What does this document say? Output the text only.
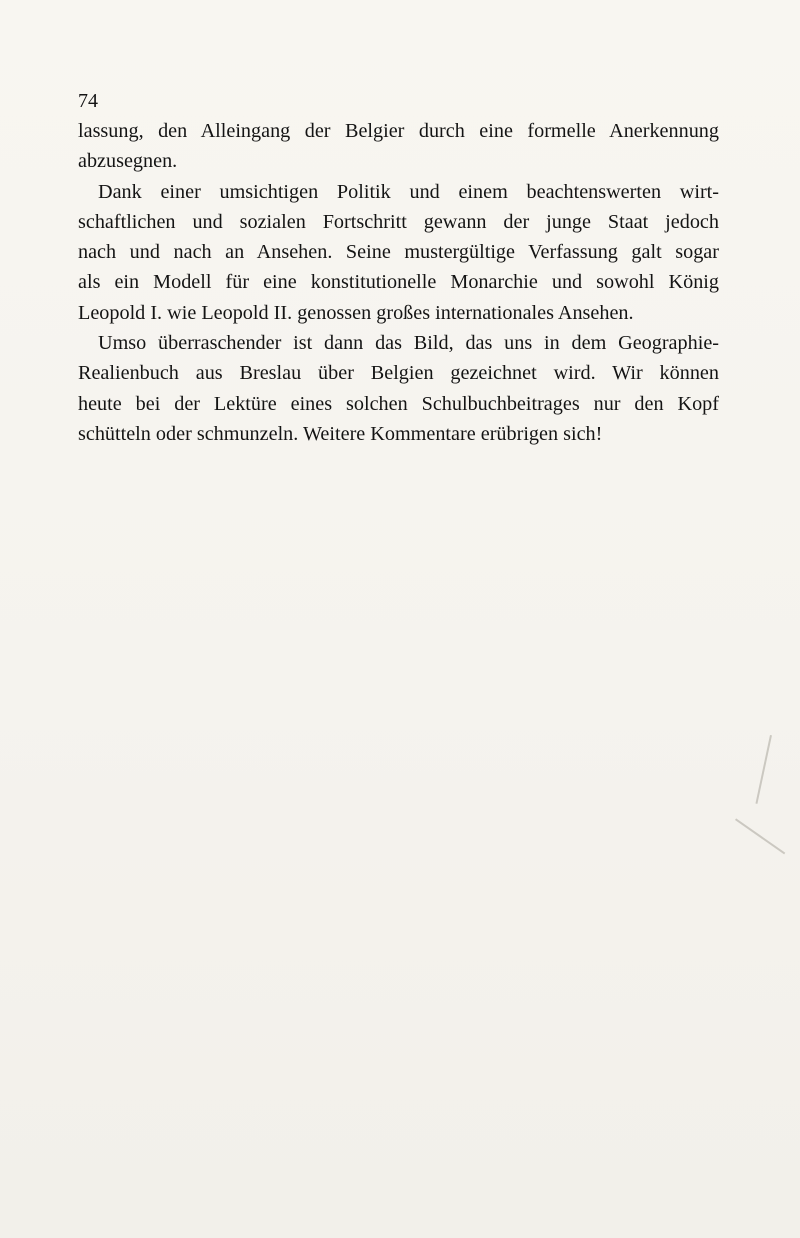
74

lassung, den Alleingang der Belgier durch eine formelle Anerkennung
abzusegnen.

Dank einer umsichtigen Politik und einem beachtenswerten wirt-
schaftlichen und sozialen Fortschritt gewann der junge Staat jedoch
nach und nach an Ansehen. Seine mustergültige Verfassung galt sogar
als ein Modell für eine konstitutionelle Monarchie und sowohl König
Leopold I. wie Leopold II. genossen großes internationales Ansehen.

Umso überraschender ist dann das Bild, das uns in dem Geographie-
Realienbuch aus Breslau über Belgien gezeichnet wird. Wir können
heute bei der Lektüre eines solchen Schulbuchbeitrages nur den Kopf
schütteln oder schmunzeln. Weitere Kommentare erübrigen sich!
